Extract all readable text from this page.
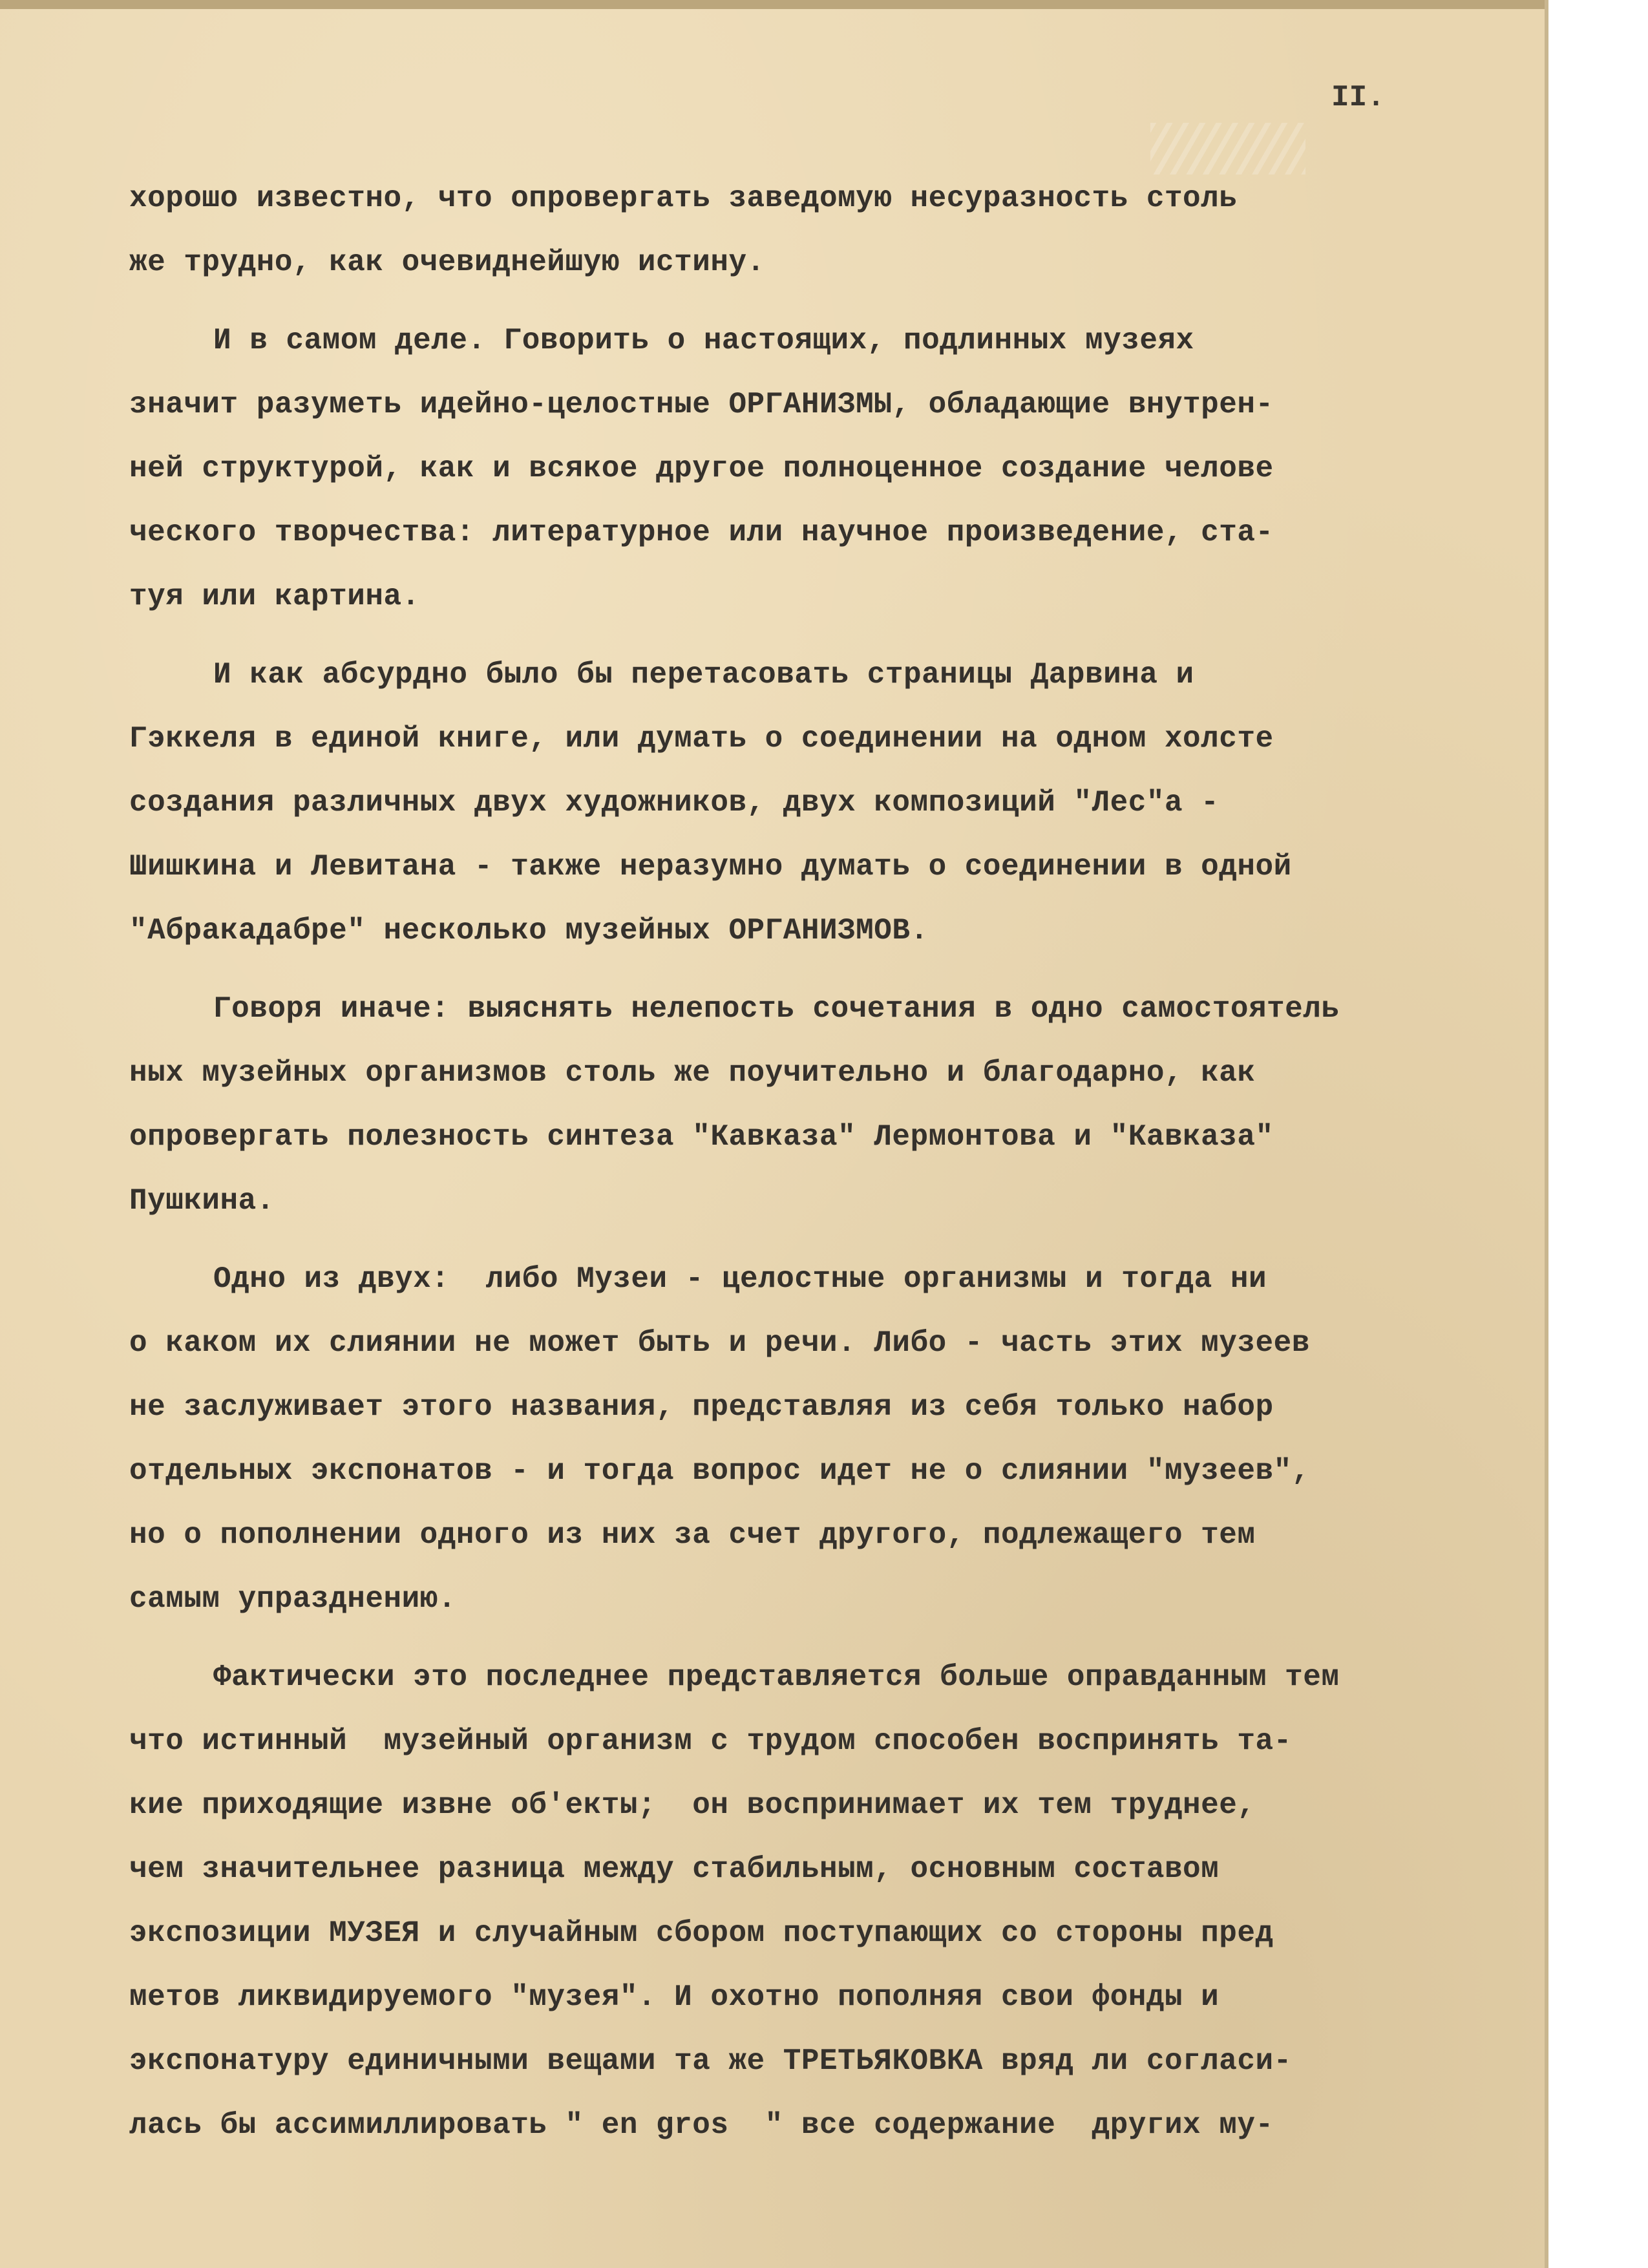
II.

хорошо известно, что опровергать заведомую несуразность столь
же трудно, как очевиднейшую истину.
И в самом деле. Говорить о настоящих, подлинных музеях
значит разуметь идейно-целостные ОРГАНИЗМЫ, обладающие внутрен-
ней структурой, как и всякое другое полноценное создание челове
ческого творчества: литературное или научное произведение, ста-
туя или картина.
И как абсурдно было бы перетасовать страницы Дарвина и
Гэккеля в единой книге, или думать о соединении на одном холсте
создания различных двух художников, двух композиций "Лес"а -
Шишкина и Левитана - также неразумно думать о соединении в одной
"Абракадабре" несколько музейных ОРГАНИЗМОВ.
Говоря иначе: выяснять нелепость сочетания в одно самостоятель
ных музейных организмов столь же поучительно и благодарно, как
опровергать полезность синтеза "Кавказа" Лермонтова и "Кавказа"
Пушкина.
Одно из двух:  либо Музеи - целостные организмы и тогда ни
о каком их слиянии не может быть и речи. Либо - часть этих музеев
не заслуживает этого названия, представляя из себя только набор
отдельных экспонатов - и тогда вопрос идет не о слиянии "музеев",
но о пополнении одного из них за счет другого, подлежащего тем
самым упразднению.
Фактически это последнее представляется больше оправданным тем
что истинный  музейный организм с трудом способен воспринять та-
кие приходящие извне об'екты;  он воспринимает их тем труднее,
чем значительнее разница между стабильным, основным составом
экспозиции МУЗЕЯ и случайным сбором поступающих со стороны пред
метов ликвидируемого "музея". И охотно пополняя свои фонды и
экспонатуру единичными вещами та же ТРЕТЬЯКОВКА вряд ли согласи-
лась бы ассимиллировать " en gros  " все содержание  других му-
